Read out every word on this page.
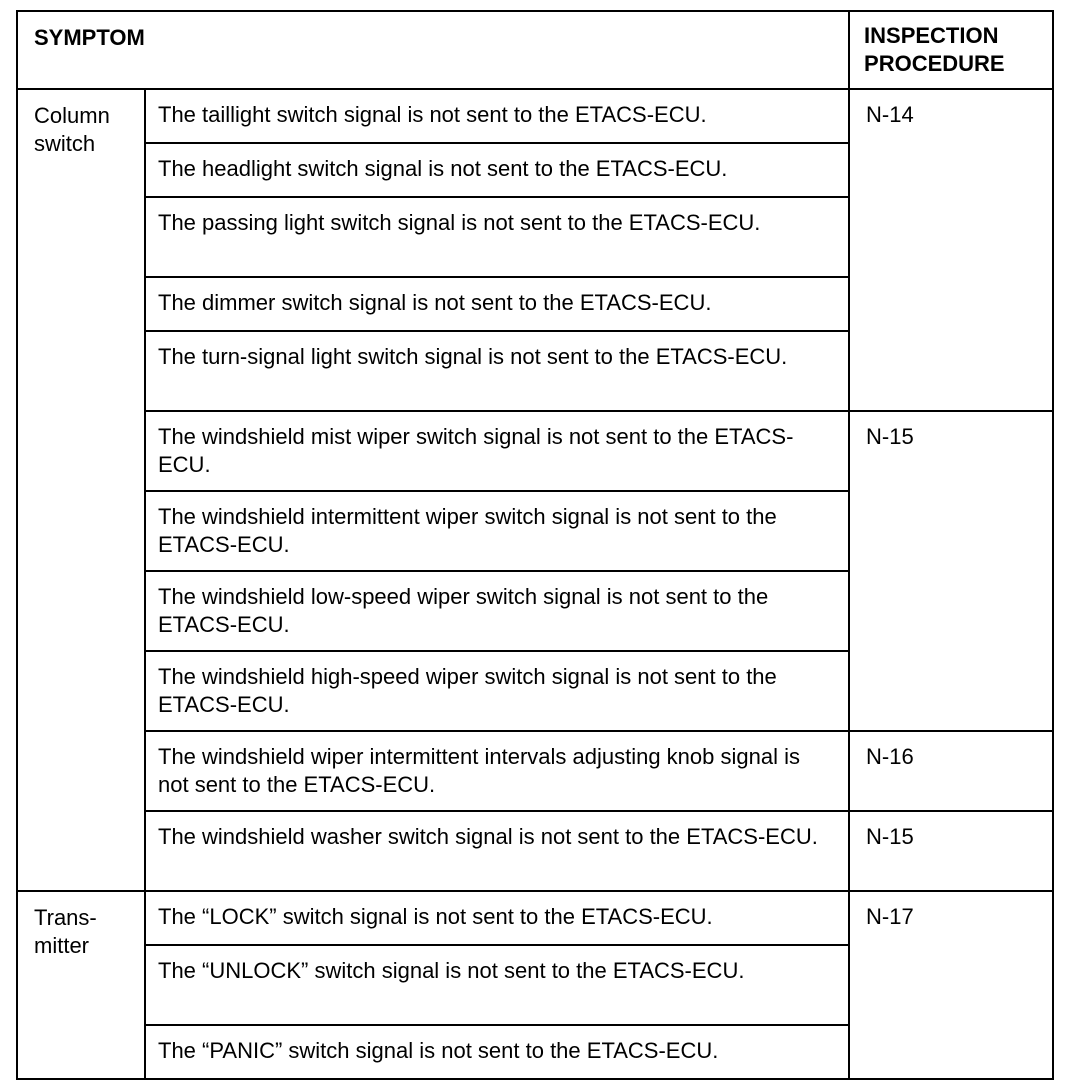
SYMPTOM		INSPECTION PROCEDURE
Column
switch	The taillight switch signal is not sent to the ETACS-ECU.	N-14
	The headlight switch signal is not sent to the ETACS-ECU.	
	The passing light switch signal is not sent to the ETACS-ECU.	
	The dimmer switch signal is not sent to the ETACS-ECU.	
	The turn-signal light switch signal is not sent to the ETACS-ECU.	
	The windshield mist wiper switch signal is not sent to the ETACS-ECU.	N-15
	The windshield intermittent wiper switch signal is not sent to the ETACS-ECU.	
	The windshield low-speed wiper switch signal is not sent to the ETACS-ECU.	
	The windshield high-speed wiper switch signal is not sent to the ETACS-ECU.	
	The windshield wiper intermittent intervals adjusting knob signal is not sent to the ETACS-ECU.	N-16
	The windshield washer switch signal is not sent to the ETACS-ECU.	N-15
Trans-
mitter	The “LOCK” switch signal is not sent to the ETACS-ECU.	N-17
	The “UNLOCK” switch signal is not sent to the ETACS-ECU.	
	The “PANIC” switch signal is not sent to the ETACS-ECU.	
